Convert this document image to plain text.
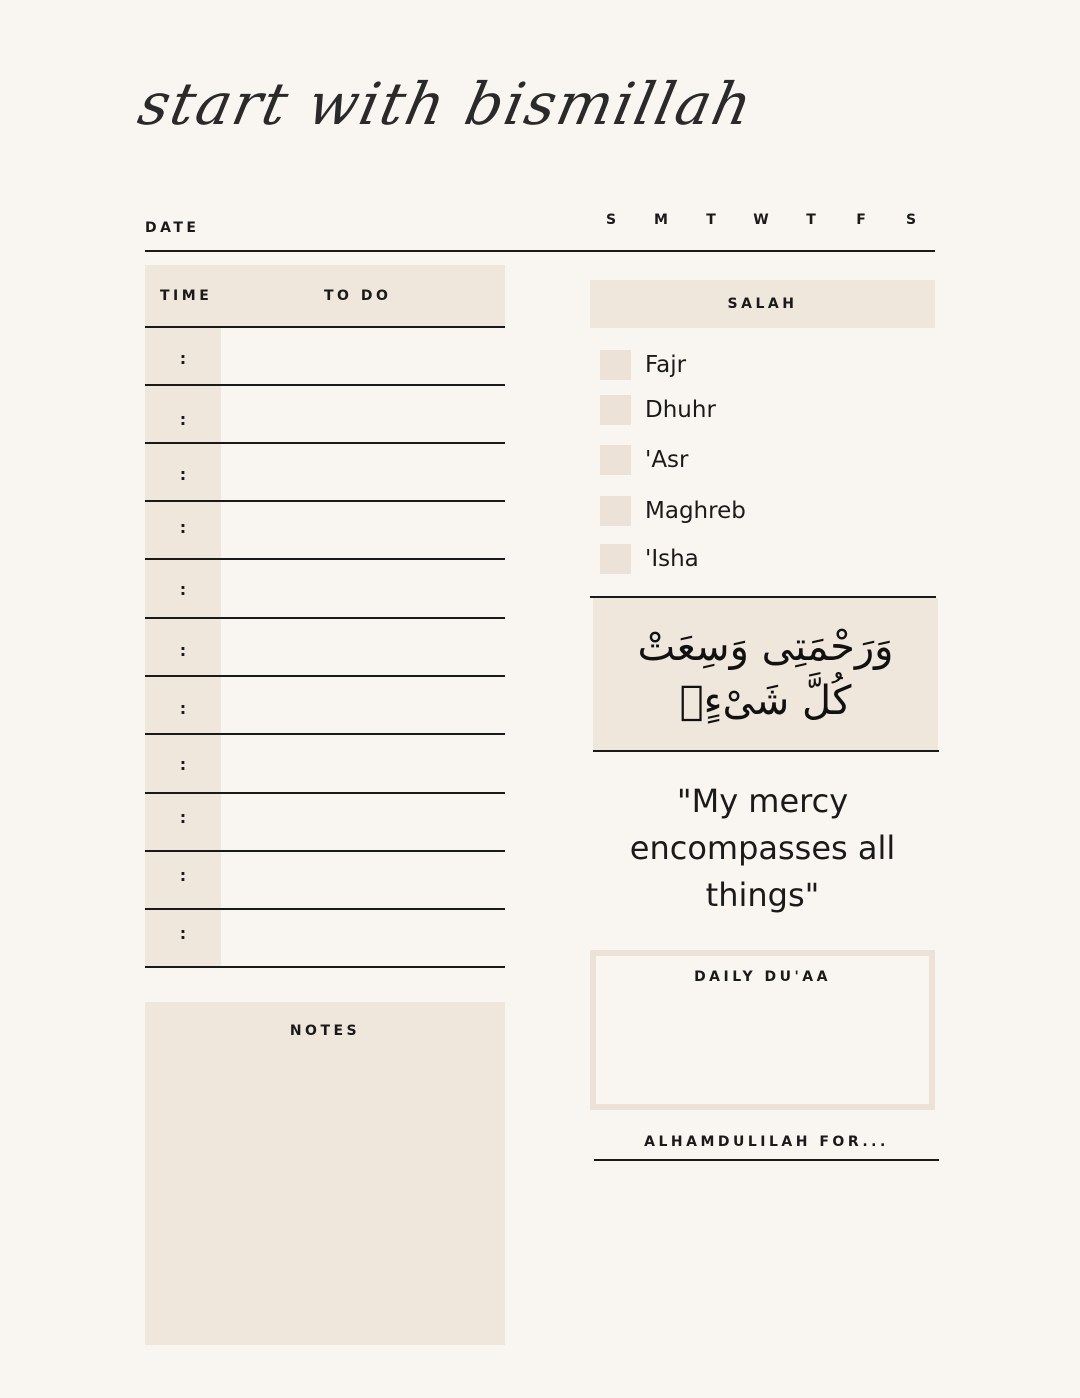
start with bismillah
DATE	S	M	T	W	T	F	S
TIME	TO DO
:
:
:
:
:
:
:
:
:
:
:
NOTES
SALAH
Fajr
Dhuhr
'Asr
Maghreb
'Isha
وَرَحْمَتِى وَسِعَتْ
كُلَّ شَىْءٍۚ
"My mercy encompasses all things"
DAILY DU'AA
ALHAMDULILAH FOR...
